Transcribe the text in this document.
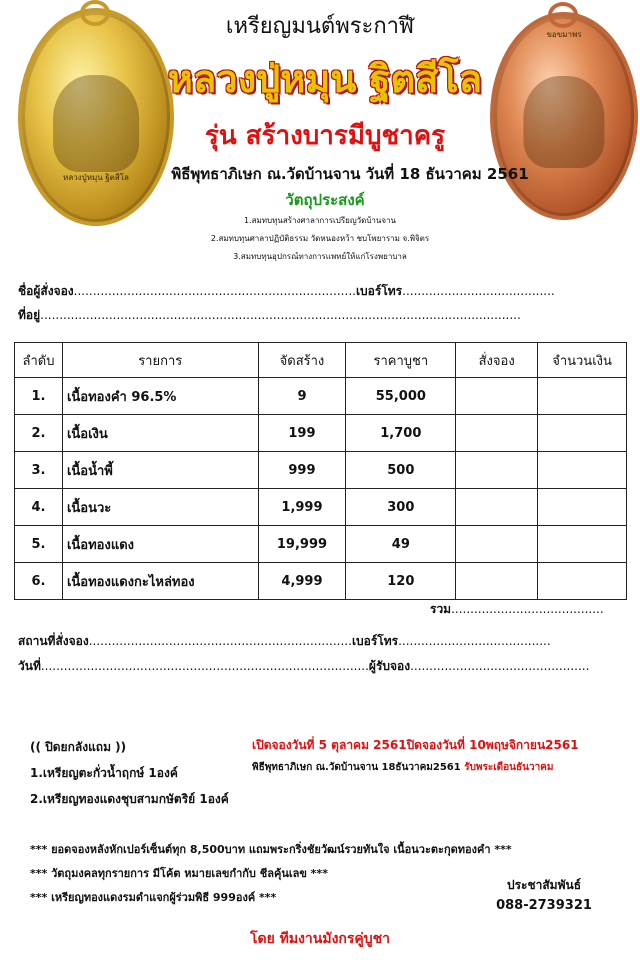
หลวงปู่หมุน ฐิตสีโล
ขอขมาพร
เหรียญมนต์พระกาฬี
หลวงปู่หมุน ฐิตสีโล
รุ่น สร้างบารมีบูชาครู
พิธีพุทธาภิเษก ณ.วัดบ้านจาน วันที่ 18 ธันวาคม 2561
วัตถุประสงค์
1.สมทบทุนสร้างศาลาการเปรียญวัดบ้านจาน
2.สมทบทุนศาลาปฏิบัติธรรม วัดหนองหว้า ชบโพยาราม จ.พิจิตร
3.สมทบทุนอุปกรณ์ทางการแพทย์ให้แก่โรงพยาบาล
ชื่อผู้สั่งจอง..........................................................................เบอร์โทร........................................
ที่อยู่..............................................................................................................................
ลำดับ	รายการ	จัดสร้าง	ราคาบูชา	สั่งจอง	จำนวนเงิน
1.	เนื้อทองคำ 96.5%	9	55,000		
2.	เนื้อเงิน	199	1,700		
3.	เนื้อน้ำพี้	999	500		
4.	เนื้อนวะ	1,999	300		
5.	เนื้อทองแดง	19,999	49		
6.	เนื้อทองแดงกะไหล่ทอง	4,999	120		
รวม........................................
สถานที่สั่งจอง.....................................................................เบอร์โทร........................................
วันที่......................................................................................ผู้รับจอง...............................................
(( ปิดยกลังแถม ))
1.เหรียญตะกั่วน้ำฤกษ์ 1องค์
2.เหรียญทองแดงชุบสามกษัตริย์ 1องค์
เปิดจองวันที่ 5 ตุลาคม 2561ปิดจองวันที่ 10พฤษจิกายน2561
พิธีพุทธาภิเษก ณ.วัดบ้านจาน 18ธันวาคม2561 รับพระเดือนธันวาคม
*** ยอดจองหลังหักเปอร์เซ็นต์ทุก 8,500บาท แถมพระกริ่งชัยวัฒน์รวยทันใจ เนื้อนวะตะกุดทองคำ ***
*** วัตถุมงคลทุกรายการ มีโค้ต หมายเลขกำกับ ชีลคุ้นเลข ***
*** เหรียญทองแดงรมดำแจกผู้ร่วมพิธี 999องค์ ***
ประชาสัมพันธ์
088-2739321
โดย ทีมงานมังกรคู่บูชา
